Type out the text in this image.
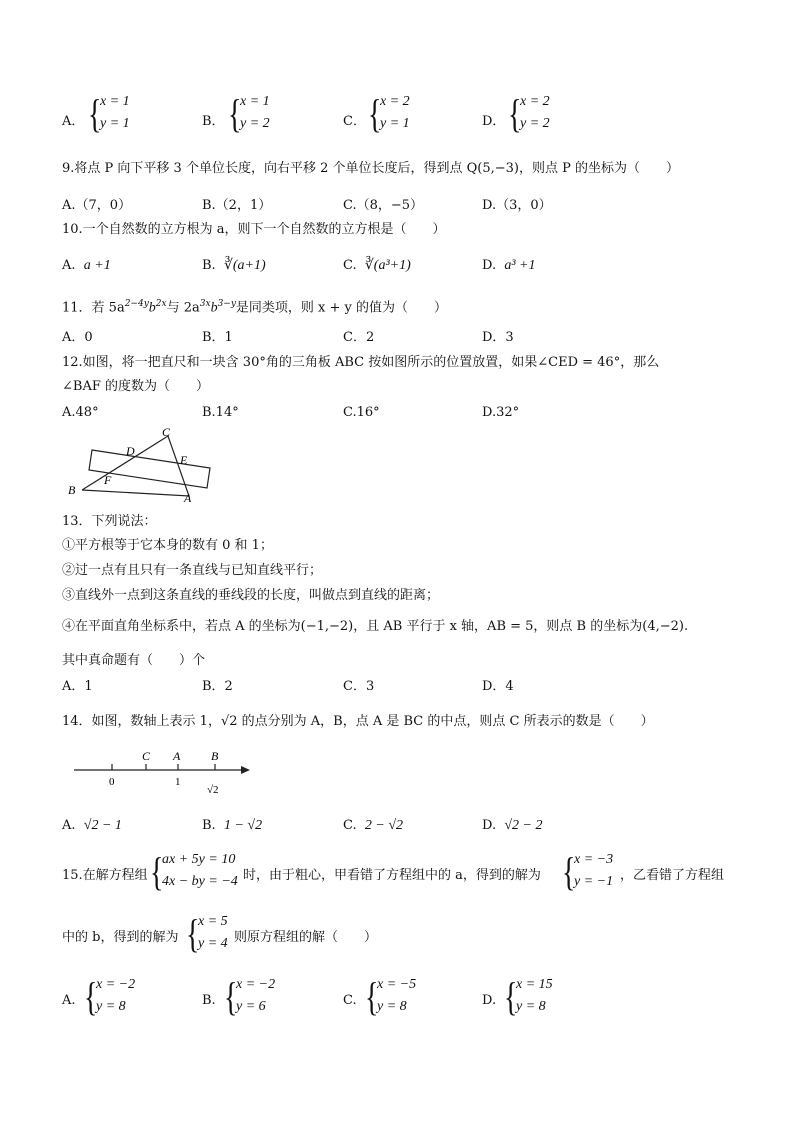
A． {
x = 1
y = 1	B． {
x = 1
y = 2	C． {
x = 2
y = 1	D． {
x = 2
y = 2
9.将点 P 向下平移 3 个单位长度，向右平移 2 个单位长度后，得到点 Q(5,−3)，则点 P 的坐标为（　　）
A.（7，0）	B.（2，1）	C.（8，−5）	D.（3，0）
10.一个自然数的立方根为 a，则下一个自然数的立方根是（　　）
A. a +1	B. ∛(a+1)	C. ∛(a³+1)	D. a³ +1
11．若 $5a^{2-4y}b^{2x}$与 $2a^{3x}b^{3-y}$是同类项，则 x + y 的值为（　　）
A．0	B．1	C．2	D．3
12.如图，将一把直尺和一块含 30°角的三角板 ABC 按如图所示的位置放置，如果∠CED = 46°，那么
∠BAF 的度数为（　　）
A.48°	B.14°	C.16°	D.32°
C
D
E
F
B
A
13．下列说法：
①平方根等于它本身的数有 0 和 1；
②过一点有且只有一条直线与已知直线平行；
③直线外一点到这条直线的垂线段的长度，叫做点到直线的距离；
④在平面直角坐标系中，若点 A 的坐标为(−1,−2)，且 AB 平行于 x 轴，AB = 5，则点 B 的坐标为(4,−2).
其中真命题有（　　）个
A．1	B．2	C．3	D．4
14．如图，数轴上表示 1，√2 的点分别为 A，B，点 A 是 BC 的中点，则点 C 所表示的数是（　　）
C A	B
0	1
√2
A. √2 − 1	B. 1 − √2	C. 2 − √2	D. √2 − 2
15.在解方程组 {
ax + 5y = 10
4x − by = −4 时，由于粗心，甲看错了方程组中的 a，得到的解为 {
x = −3
y = −1 ，乙看错了方程组
中的 b，得到的解为 {
x = 5
y = 4 则原方程组的解（　　）
A. {
x = −2
y = 8	B. {
x = −2
y = 6	C. {
x = −5
y = 8	D. {
x = 15
y = 8
